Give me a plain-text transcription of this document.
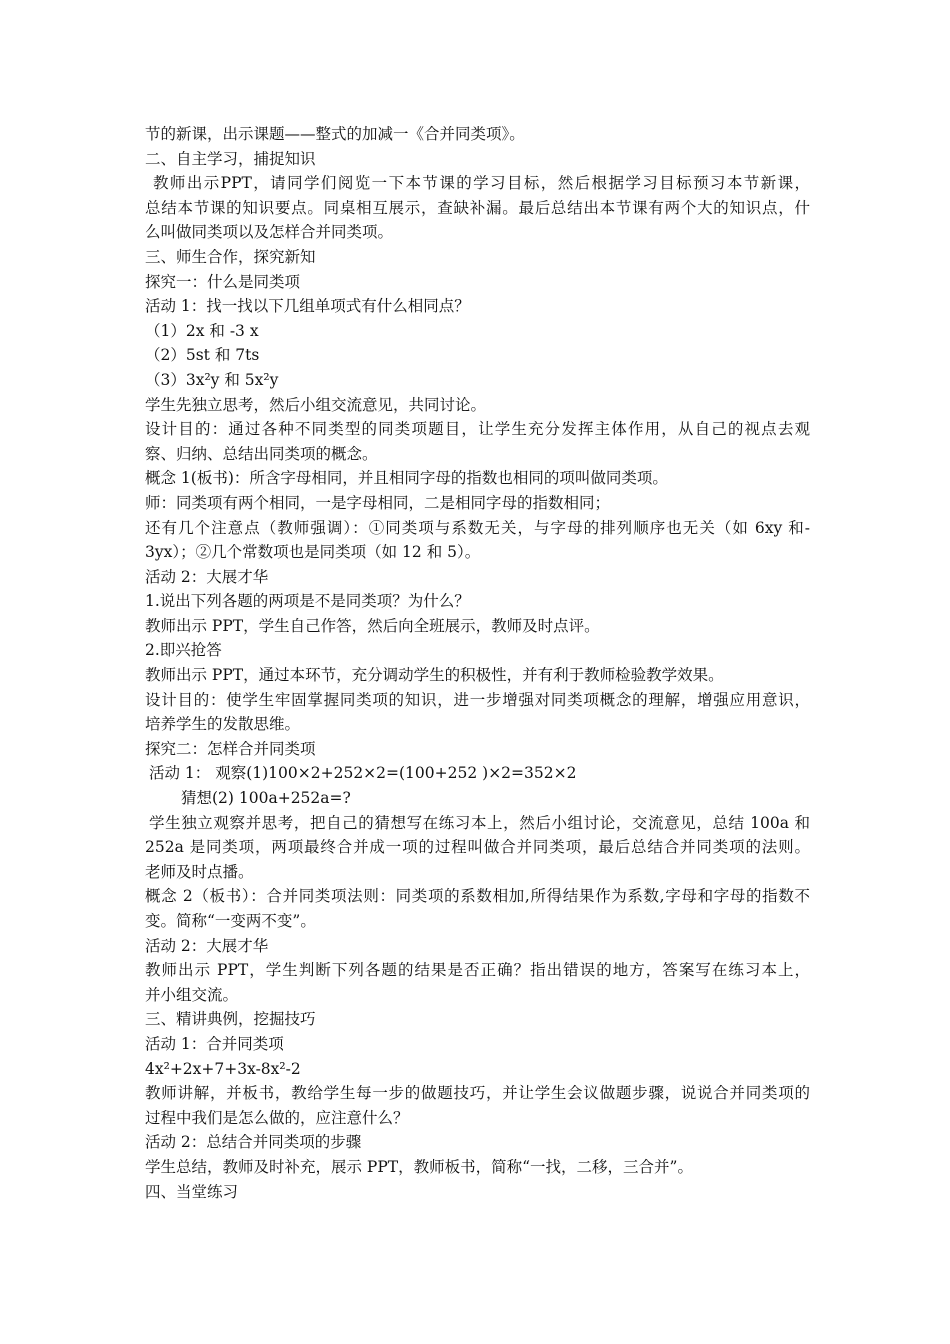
节的新课，出示课题——整式的加减一《合并同类项》。
二、自主学习，捕捉知识
教师出示PPT，请同学们阅览一下本节课的学习目标，然后根据学习目标预习本节新课，
总结本节课的知识要点。同桌相互展示，查缺补漏。最后总结出本节课有两个大的知识点，什
么叫做同类项以及怎样合并同类项。
三、师生合作，探究新知
探究一：什么是同类项
活动 1：找一找以下几组单项式有什么相同点？
（1）2x 和 -3 x
（2）5st 和 7ts
（3）3x²y 和 5x²y
学生先独立思考，然后小组交流意见，共同讨论。
设计目的：通过各种不同类型的同类项题目，让学生充分发挥主体作用，从自己的视点去观
察、归纳、总结出同类项的概念。
概念 1(板书)：所含字母相同，并且相同字母的指数也相同的项叫做同类项。
师：同类项有两个相同，一是字母相同，二是相同字母的指数相同；
还有几个注意点（教师强调）：①同类项与系数无关，与字母的排列顺序也无关（如 6xy 和-
3yx）；②几个常数项也是同类项（如 12 和 5）。
活动 2：大展才华
1.说出下列各题的两项是不是同类项？为什么？
教师出示 PPT，学生自己作答，然后向全班展示，教师及时点评。
2.即兴抢答
教师出示 PPT，通过本环节，充分调动学生的积极性，并有利于教师检验教学效果。
设计目的：使学生牢固掌握同类项的知识，进一步增强对同类项概念的理解，增强应用意识，
培养学生的发散思维。
探究二：怎样合并同类项
活动 1： 观察(1)100×2+252×2=(100+252 )×2=352×2
猜想(2) 100a+252a=?
学生独立观察并思考，把自己的猜想写在练习本上，然后小组讨论，交流意见，总结 100a 和
252a 是同类项，两项最终合并成一项的过程叫做合并同类项，最后总结合并同类项的法则。
老师及时点播。
概念 2（板书）：合并同类项法则：同类项的系数相加,所得结果作为系数,字母和字母的指数不
变。简称“一变两不变”。
活动 2：大展才华
教师出示 PPT，学生判断下列各题的结果是否正确？指出错误的地方，答案写在练习本上，
并小组交流。
三、精讲典例，挖掘技巧
活动 1：合并同类项
4x²+2x+7+3x-8x²-2
教师讲解，并板书，教给学生每一步的做题技巧，并让学生会议做题步骤，说说合并同类项的
过程中我们是怎么做的，应注意什么？
活动 2：总结合并同类项的步骤
学生总结，教师及时补充，展示 PPT，教师板书，简称“一找，二移，三合并”。
四、当堂练习
